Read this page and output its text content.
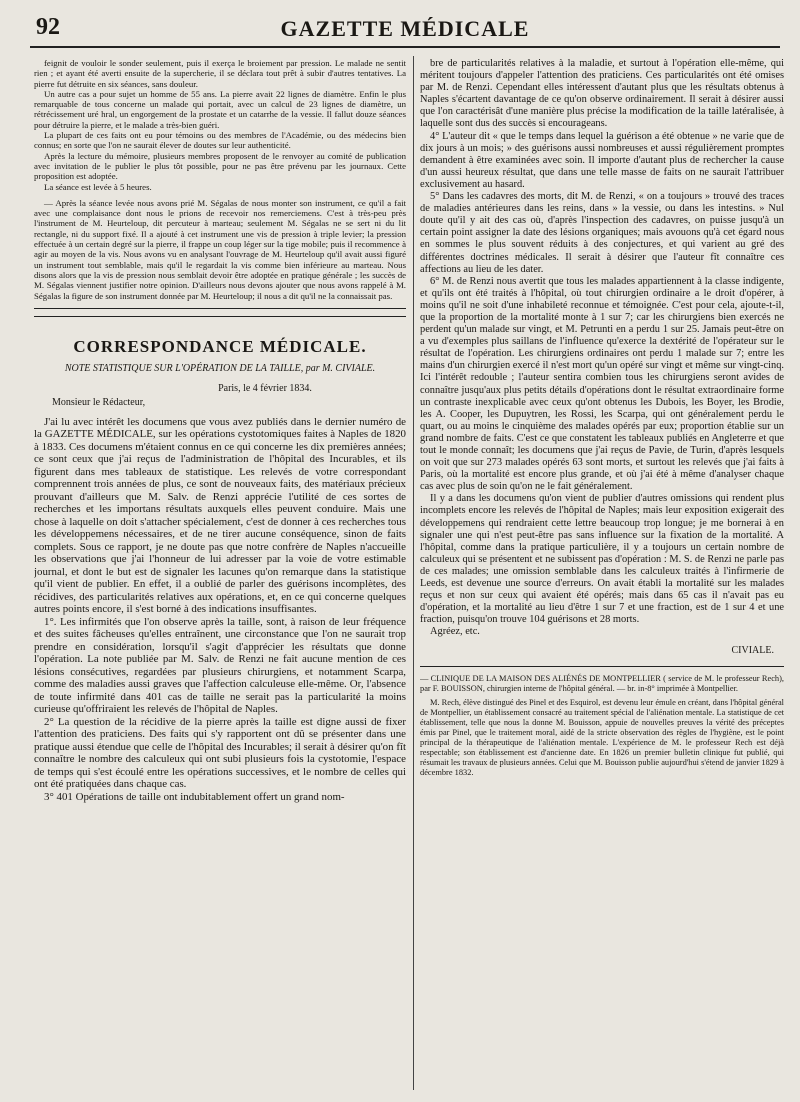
92	GAZETTE MÉDICALE

feignit de vouloir le sonder seulement, puis il exerça le broiement par pression. Le malade ne sentit rien ; et ayant été averti ensuite de la supercherie, il se déclara tout prêt à subir d'autres tentatives. La pierre fut détruite en six séances, sans douleur.

Un autre cas a pour sujet un homme de 55 ans. La pierre avait 22 lignes de diamètre. Enfin le plus remarquable de tous concerne un malade qui portait, avec un calcul de 23 lignes de diamètre, un rétrécissement uré hral, un engorgement de la prostate et un catarrhe de la vessie. Il fallut douze séances pour détruire la pierre, et le malade a très-bien guéri.

La plupart de ces faits ont eu pour témoins ou des membres de l'Académie, ou des médecins bien connus; en sorte que l'on ne saurait élever de doutes sur leur authenticité.

Après la lecture du mémoire, plusieurs membres proposent de le renvoyer au comité de publication avec invitation de le publier le plus tôt possible, pour ne pas être prévenu par les journaux. Cette proposition est adoptée.

La séance est levée à 5 heures.

— Après la séance levée nous avons prié M. Ségalas de nous monter son instrument, ce qu'il a fait avec une complaisance dont nous le prions de recevoir nos remerciemens. C'est à très-peu près l'instrument de M. Heurteloup, dit percuteur à marteau; seulement M. Ségalas ne se sert ni du lit rectangle, ni du support fixé. Il a ajouté à cet instrument une vis de pression à triple levier; la pression effectuée à un certain degré sur la pierre, il frappe un coup léger sur la tige mobile; puis il recommence à agir au moyen de la vis. Nous avons vu en analysant l'ouvrage de M. Heurteloup qu'il avait aussi figuré un instrument tout semblable, mais qu'il le regardait la vis comme bien inférieure au marteau. Nous disons alors que la vis de pression nous semblait devoir être adoptée en pratique générale ; les succès de M. Ségalas viennent justifier notre opinion. D'ailleurs nous devons ajouter que nous avons rappelé à M. Ségalas la figure de son instrument donnée par M. Heurteloup; il nous a dit qu'il ne la connaissait pas.

CORRESPONDANCE MÉDICALE.
NOTE STATISTIQUE SUR L'OPÉRATION DE LA TAILLE, par M. CIVIALE.
Paris, le 4 février 1834.
Monsieur le Rédacteur,

J'ai lu avec intérêt les documens que vous avez publiés dans le dernier numéro de la GAZETTE MÉDICALE, sur les opérations cystotomiques faites à Naples de 1820 à 1833. Ces documens m'étaient connus en ce qui concerne les dix premières années; ce sont ceux que j'ai reçus de l'administration de l'hôpital des Incurables, et ils figurent dans mes tableaux de statistique. Les relevés de votre correspondant comprennent trois années de plus, ce sont de nouveaux faits, des matériaux précieux prouvant d'ailleurs que M. Salv. de Renzi apprécie l'utilité de ces sortes de recherches et les importans résultats auxquels elles peuvent conduire. Mais une chose à laquelle on doit s'attacher spécialement, c'est de donner à ces recherches tous les développemens nécessaires, et de ne tirer aucune conséquence, sinon de faits complets. Sous ce rapport, je ne doute pas que notre confrère de Naples n'accueille les observations que j'ai l'honneur de lui adresser par la voie de votre estimable journal, et dont le but est de signaler les lacunes qu'on remarque dans la statistique qu'il vient de publier. En effet, il a oublié de parler des guérisons incomplètes, des récidives, des particularités relatives aux opérations, et, en ce qui concerne quelques autres points encore, il s'est borné à des indications insuffisantes.

1°. Les infirmités que l'on observe après la taille, sont, à raison de leur fréquence et des suites fâcheuses qu'elles entraînent, une circonstance que l'on ne saurait trop prendre en considération, lorsqu'il s'agit d'apprécier les résultats que donne l'opération. La note publiée par M. Salv. de Renzi ne fait aucune mention de ces lésions consécutives, regardées par plusieurs chirurgiens, et notamment Scarpa, comme des maladies aussi graves que l'affection calculeuse elle-même. Or, l'absence de toute infirmité dans 401 cas de taille ne serait pas la particularité la moins curieuse qu'offriraient les relevés de l'hôpital de Naples.

2° La question de la récidive de la pierre après la taille est digne aussi de fixer l'attention des praticiens. Des faits qui s'y rapportent ont dû se présenter dans une pratique aussi étendue que celle de l'hôpital des Incurables; il serait à désirer qu'on fît connaître le nombre des calculeux qui ont subi plusieurs fois la cystotomie, l'espace de temps qui s'est écoulé entre les opérations successives, et le nombre de celles qui ont été pratiquées dans chaque cas.

3° 401 Opérations de taille ont indubitablement offert un grand nom-

bre de particularités relatives à la maladie, et surtout à l'opération elle-même, qui méritent toujours d'appeler l'attention des praticiens. Ces particularités ont été omises par M. de Renzi. Cependant elles intéressent d'autant plus que les résultats obtenus à Naples s'écartent davantage de ce qu'on observe ordinairement. Il serait à désirer aussi que l'on caractérisât d'une manière plus précise la modification de la taille latéralisée, à laquelle sont dus des succès si encourageans.

4° L'auteur dit « que le temps dans lequel la guérison a été obtenue » ne varie que de dix jours à un mois; » des guérisons aussi nombreuses et aussi régulièrement promptes demandent à être examinées avec soin. Il importe d'autant plus de rechercher la cause d'un aussi heureux résultat, que dans une telle masse de faits on ne saurait l'attribuer exclusivement au hasard.

5° Dans les cadavres des morts, dit M. de Renzi, « on a toujours » trouvé des traces de maladies antérieures dans les reins, dans » la vessie, ou dans les intestins. » Nul doute qu'il y ait des cas où, d'après l'inspection des cadavres, on puisse jusqu'à un certain point assigner la date des lésions organiques; mais avouons qu'à cet égard nous en sommes le plus souvent réduits à des conjectures, et qui varient au gré des différentes doctrines médicales. Il serait à désirer que l'auteur fît connaître ces affections au lieu de les dater.

6° M. de Renzi nous avertit que tous les malades appartiennent à la classe indigente, et qu'ils ont été traités à l'hôpital, où tout chirurgien ordinaire a le droit d'opérer, à moins qu'il ne soit d'une inhabileté reconnue et témoignée. C'est pour cela, ajoute-t-il, que la proportion de la mortalité monte à 1 sur 7; car les chirurgiens bien exercés ne perdent qu'un malade sur vingt, et M. Petrunti en a perdu 1 sur 25. Jamais peut-être on a vu d'exemples plus saillans de l'influence qu'exerce la dextérité de l'opérateur sur le résultat de l'opération. Les chirurgiens ordinaires ont perdu 1 malade sur 7; entre les mains d'un chirurgien exercé il n'est mort qu'un opéré sur vingt et même sur vingt-cinq. Ici l'intérêt redouble ; l'auteur sentira combien tous les chirurgiens seront avides de connaître jusqu'aux plus petits détails d'opérations dont le résultat extraordinaire forme un contraste inexplicable avec ceux qu'ont obtenus les Dubois, les Boyer, les Brodie, les A. Cooper, les Dupuytren, les Rossi, les Scarpa, qui ont généralement perdu le quart, ou au moins le cinquième des malades opérés par eux; proportion établie sur un grand nombre de faits. C'est ce que constatent les tableaux publiés en Angleterre et que tout le monde connaît; les documens que j'ai reçus de Pavie, de Turin, d'après lesquels on voit que sur 273 malades opérés 63 sont morts, et surtout les relevés que j'ai faits à Paris, où la mortalité est encore plus grande, et où j'ai été à même d'analyser chaque cas avec plus de soin qu'on ne le fait généralement.

Il y a dans les documens qu'on vient de publier d'autres omissions qui rendent plus incomplets encore les relevés de l'hôpital de Naples; mais leur exposition exigerait des développemens qui rendraient cette lettre beaucoup trop longue; je me bornerai à en signaler une qui n'est peut-être pas sans influence sur la fixation de la mortalité. A l'hôpital, comme dans la pratique particulière, il y a toujours un certain nombre de calculeux qui se présentent et ne subissent pas d'opération : M. S. de Renzi ne parle pas de ces malades; une omission semblable dans les calculeux traités à l'infirmerie de Leeds, est devenue une source d'erreurs. On avait établi la mortalité sur les malades reçus et non sur ceux qui avaient été opérés; mais dans 65 cas il n'avait pas eu d'opération, et la mortalité au lieu d'être 1 sur 7 et une fraction, est de 1 sur 4 et une fraction, puisqu'on trouve 104 guérisons et 28 morts.

Agréez, etc.

CIVIALE.

— CLINIQUE DE LA MAISON DES ALIÉNÉS DE MONTPELLIER ( service de M. le professeur Rech), par F. BOUISSON, chirurgien interne de l'hôpital général. — br. in-8° imprimée à Montpellier.

M. Rech, élève distingué des Pinel et des Esquirol, est devenu leur émule en créant, dans l'hôpital général de Montpellier, un établissement consacré au traitement spécial de l'aliénation mentale. La statistique de cet établissement, telle que nous la donne M. Bouisson, appuie de nouvelles preuves la vérité des préceptes émis par Pinel, que le traitement moral, aidé de la stricte observation des règles de l'hygiène, est le point principal de la thérapeutique de l'aliénation mentale. L'expérience de M. le professeur Rech est déjà respectable; son établissement est d'ancienne date. En 1826 un premier bulletin clinique fut publié, qui résumait les travaux de plusieurs années. Celui que M. Bouisson publie aujourd'hui s'étend de janvier 1829 à décembre 1832.
